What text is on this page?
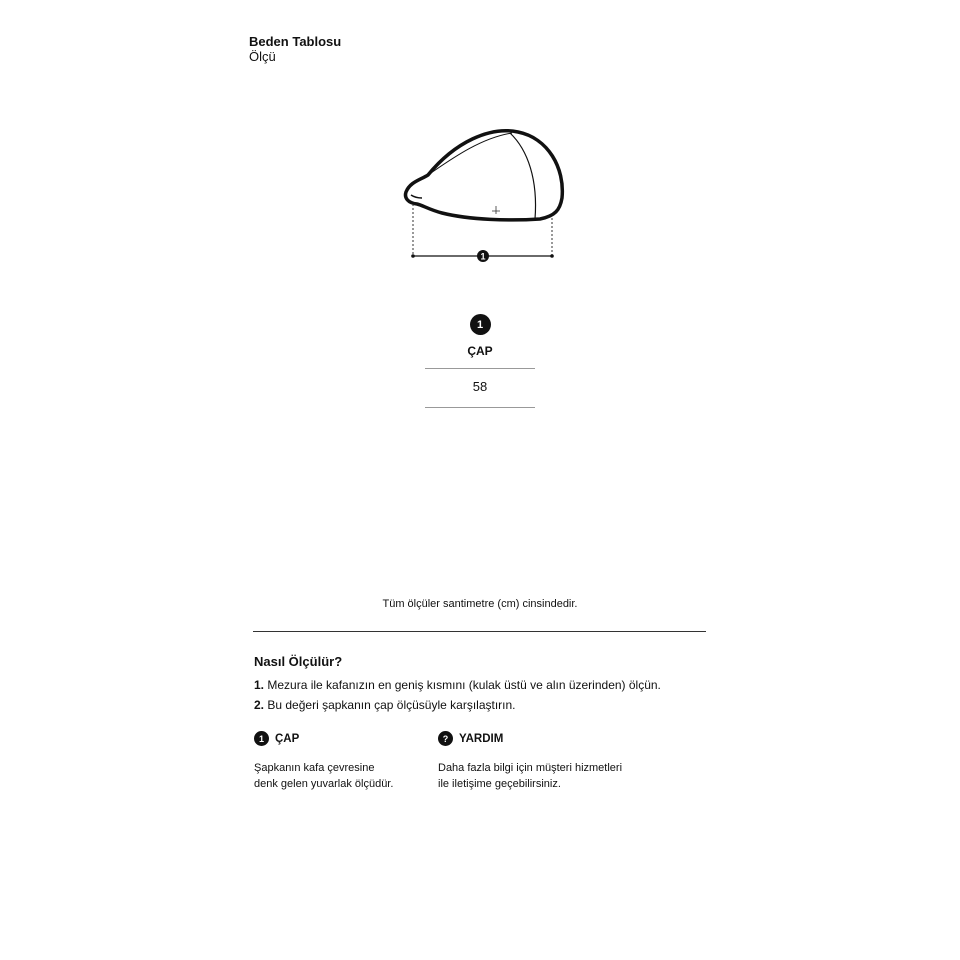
Beden Tablosu
Ölçü
1
1
ÇAP
58
Tüm ölçüler santimetre (cm) cinsindedir.
Nasıl Ölçülür?
1. Mezura ile kafanızın en geniş kısmını (kulak üstü ve alın üzerinden) ölçün.
2. Bu değeri şapkanın çap ölçüsüyle karşılaştırın.
1 ÇAP
Şapkanın kafa çevresine
denk gelen yuvarlak ölçüdür.
? YARDIM
Daha fazla bilgi için müşteri hizmetleri
ile iletişime geçebilirsiniz.
